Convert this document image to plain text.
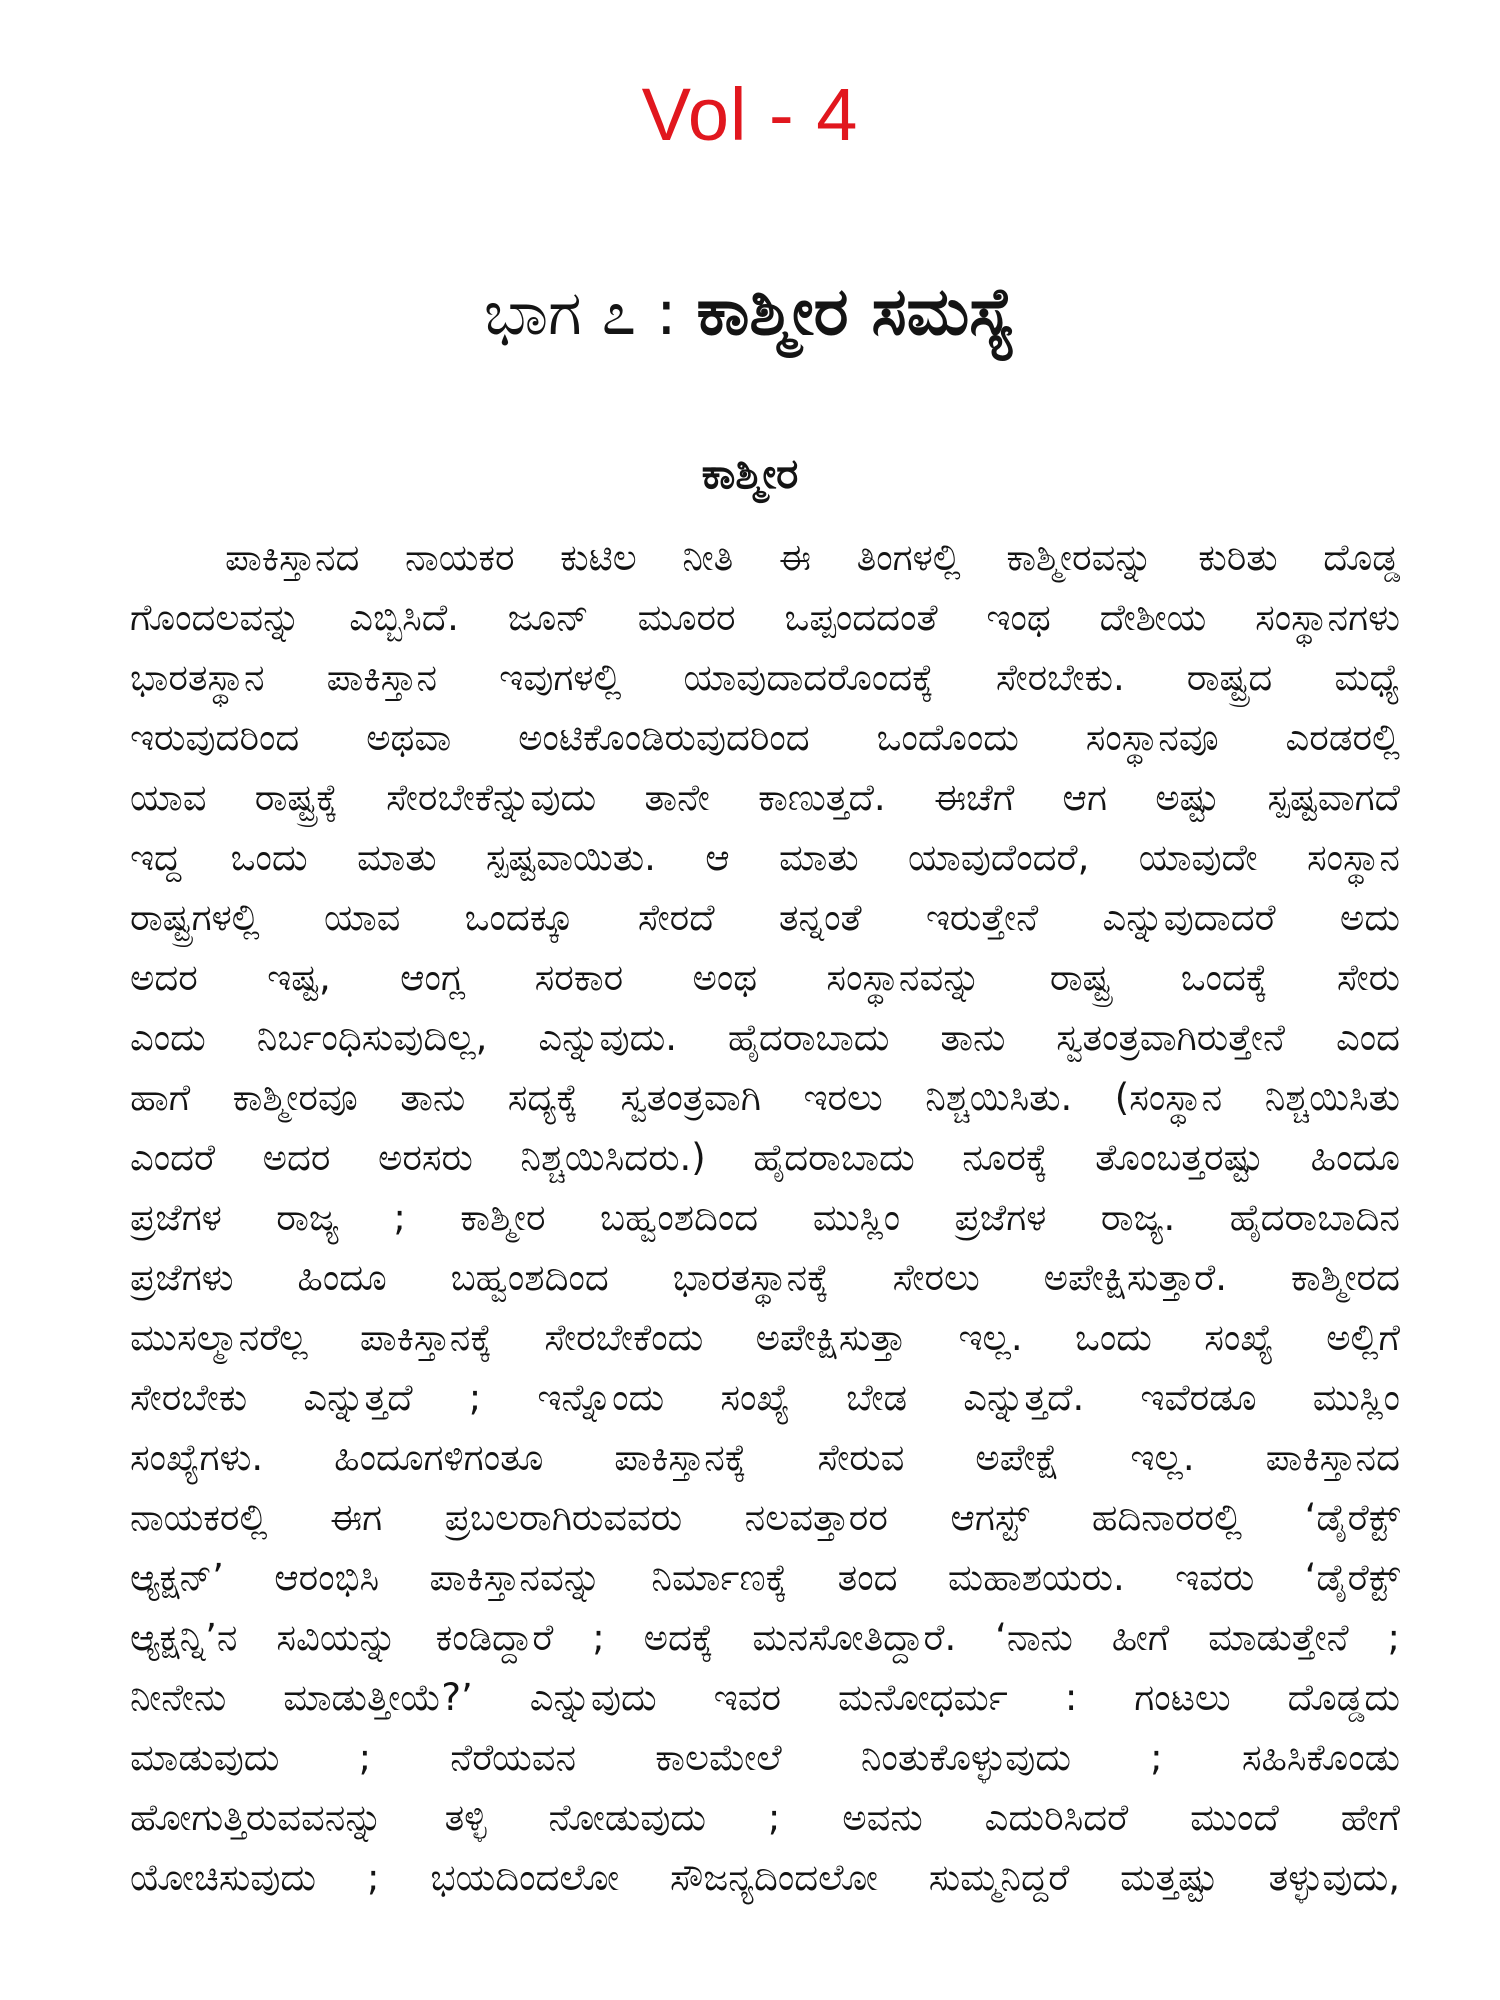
Vol - 4
ಭಾಗ ೭ : ಕಾಶ್ಮೀರ ಸಮಸ್ಯೆ
ಕಾಶ್ಮೀರ
ಪಾಕಿಸ್ತಾನದ ನಾಯಕರ ಕುಟಿಲ ನೀತಿ ಈ ತಿಂಗಳಲ್ಲಿ ಕಾಶ್ಮೀರವನ್ನು ಕುರಿತು ದೊಡ್ಡ
ಗೊಂದಲವನ್ನು ಎಬ್ಬಿಸಿದೆ. ಜೂನ್ ಮೂರರ ಒಪ್ಪಂದದಂತೆ ಇಂಥ ದೇಶೀಯ ಸಂಸ್ಥಾನಗಳು
ಭಾರತಸ್ಥಾನ ಪಾಕಿಸ್ತಾನ ಇವುಗಳಲ್ಲಿ ಯಾವುದಾದರೊಂದಕ್ಕೆ ಸೇರಬೇಕು. ರಾಷ್ಟ್ರದ ಮಧ್ಯೆ
ಇರುವುದರಿಂದ ಅಥವಾ ಅಂಟಿಕೊಂಡಿರುವುದರಿಂದ ಒಂದೊಂದು ಸಂಸ್ಥಾನವೂ ಎರಡರಲ್ಲಿ
ಯಾವ ರಾಷ್ಟ್ರಕ್ಕೆ ಸೇರಬೇಕೆನ್ನುವುದು ತಾನೇ ಕಾಣುತ್ತದೆ. ಈಚೆಗೆ ಆಗ ಅಷ್ಟು ಸ್ಪಷ್ಟವಾಗದೆ
ಇದ್ದ ಒಂದು ಮಾತು ಸ್ಪಷ್ಟವಾಯಿತು. ಆ ಮಾತು ಯಾವುದೆಂದರೆ, ಯಾವುದೇ ಸಂಸ್ಥಾನ
ರಾಷ್ಟ್ರಗಳಲ್ಲಿ ಯಾವ ಒಂದಕ್ಕೂ ಸೇರದೆ ತನ್ನಂತೆ ಇರುತ್ತೇನೆ ಎನ್ನುವುದಾದರೆ ಅದು
ಅದರ ಇಷ್ಟ, ಆಂಗ್ಲ ಸರಕಾರ ಅಂಥ ಸಂಸ್ಥಾನವನ್ನು ರಾಷ್ಟ್ರ ಒಂದಕ್ಕೆ ಸೇರು
ಎಂದು ನಿರ್ಬಂಧಿಸುವುದಿಲ್ಲ, ಎನ್ನುವುದು. ಹೈದರಾಬಾದು ತಾನು ಸ್ವತಂತ್ರವಾಗಿರುತ್ತೇನೆ ಎಂದ
ಹಾಗೆ ಕಾಶ್ಮೀರವೂ ತಾನು ಸದ್ಯಕ್ಕೆ ಸ್ವತಂತ್ರವಾಗಿ ಇರಲು ನಿಶ್ಚಯಿಸಿತು. (ಸಂಸ್ಥಾನ ನಿಶ್ಚಯಿಸಿತು
ಎಂದರೆ ಅದರ ಅರಸರು ನಿಶ್ಚಯಿಸಿದರು.) ಹೈದರಾಬಾದು ನೂರಕ್ಕೆ ತೊಂಬತ್ತರಷ್ಟು ಹಿಂದೂ
ಪ್ರಜೆಗಳ ರಾಜ್ಯ ; ಕಾಶ್ಮೀರ ಬಹ್ವಂಶದಿಂದ ಮುಸ್ಲಿಂ ಪ್ರಜೆಗಳ ರಾಜ್ಯ. ಹೈದರಾಬಾದಿನ
ಪ್ರಜೆಗಳು ಹಿಂದೂ ಬಹ್ವಂಶದಿಂದ ಭಾರತಸ್ಥಾನಕ್ಕೆ ಸೇರಲು ಅಪೇಕ್ಷಿಸುತ್ತಾರೆ. ಕಾಶ್ಮೀರದ
ಮುಸಲ್ಮಾನರೆಲ್ಲ ಪಾಕಿಸ್ತಾನಕ್ಕೆ ಸೇರಬೇಕೆಂದು ಅಪೇಕ್ಷಿಸುತ್ತಾ ಇಲ್ಲ. ಒಂದು ಸಂಖ್ಯೆ ಅಲ್ಲಿಗೆ
ಸೇರಬೇಕು ಎನ್ನುತ್ತದೆ ; ಇನ್ನೊಂದು ಸಂಖ್ಯೆ ಬೇಡ ಎನ್ನುತ್ತದೆ. ಇವೆರಡೂ ಮುಸ್ಲಿಂ
ಸಂಖ್ಯೆಗಳು. ಹಿಂದೂಗಳಿಗಂತೂ ಪಾಕಿಸ್ತಾನಕ್ಕೆ ಸೇರುವ ಅಪೇಕ್ಷೆ ಇಲ್ಲ. ಪಾಕಿಸ್ತಾನದ
ನಾಯಕರಲ್ಲಿ ಈಗ ಪ್ರಬಲರಾಗಿರುವವರು ನಲವತ್ತಾರರ ಆಗಸ್ಟ್ ಹದಿನಾರರಲ್ಲಿ ‘ಡೈರೆಕ್ಟ್
ಆ್ಯಕ್ಷನ್’ ಆರಂಭಿಸಿ ಪಾಕಿಸ್ತಾನವನ್ನು ನಿರ್ಮಾಣಕ್ಕೆ ತಂದ ಮಹಾಶಯರು. ಇವರು ‘ಡೈರೆಕ್ಟ್
ಆ್ಯಕ್ಷನ್ನಿ’ನ ಸವಿಯನ್ನು ಕಂಡಿದ್ದಾರೆ ; ಅದಕ್ಕೆ ಮನಸೋತಿದ್ದಾರೆ. ‘ನಾನು ಹೀಗೆ ಮಾಡುತ್ತೇನೆ ;
ನೀನೇನು ಮಾಡುತ್ತೀಯೆ?’ ಎನ್ನುವುದು ಇವರ ಮನೋಧರ್ಮ : ಗಂಟಲು ದೊಡ್ಡದು
ಮಾಡುವುದು ; ನೆರೆಯವನ ಕಾಲಮೇಲೆ ನಿಂತುಕೊಳ್ಳುವುದು ; ಸಹಿಸಿಕೊಂಡು
ಹೋಗುತ್ತಿರುವವನನ್ನು ತಳ್ಳಿ ನೋಡುವುದು ; ಅವನು ಎದುರಿಸಿದರೆ ಮುಂದೆ ಹೇಗೆ
ಯೋಚಿಸುವುದು ; ಭಯದಿಂದಲೋ ಸೌಜನ್ಯದಿಂದಲೋ ಸುಮ್ಮನಿದ್ದರೆ ಮತ್ತಷ್ಟು ತಳ್ಳುವುದು,
